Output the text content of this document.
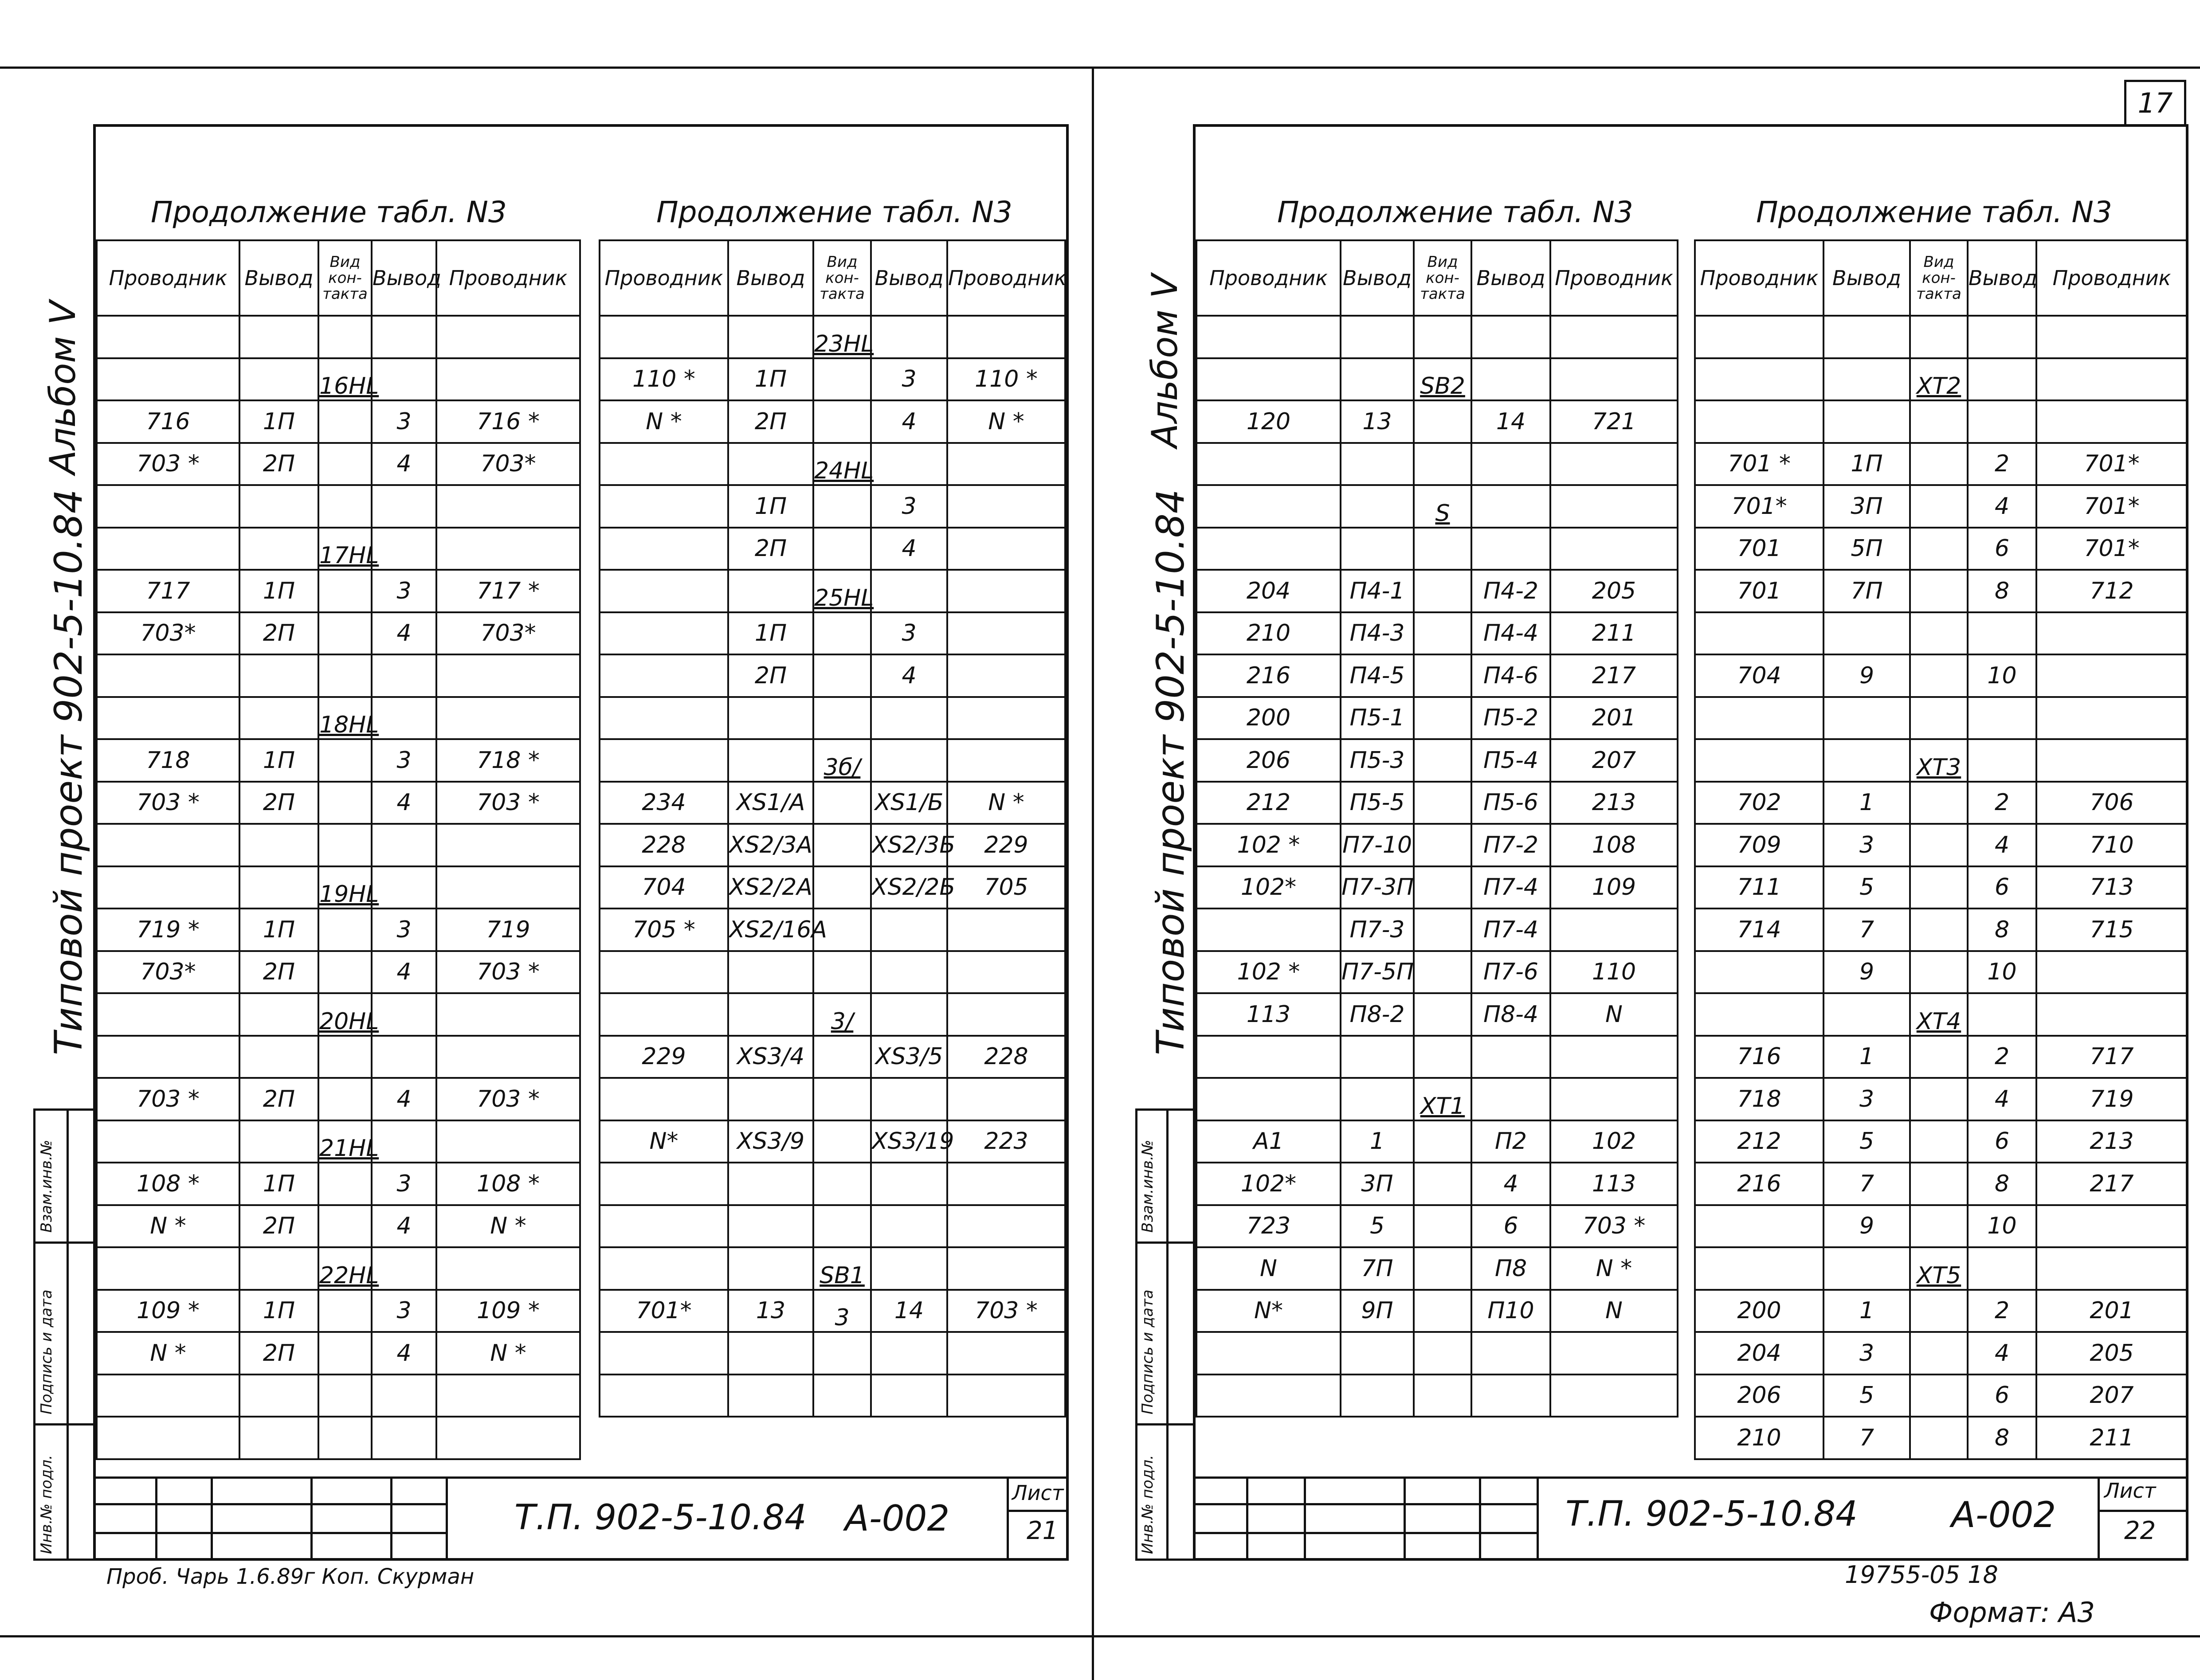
17
Альбом V
Типовой проект 902-5-10.84
Инв.№ подл.
Подпись и дата
Взам.инв.№
Продолжение табл. N3	Продолжение табл. N3
Проводник	Вывод	Вид кон- такта	Вывод	Проводник

		16HL		
716	1П		3	716 *
703 *	2П		4	703*

		17HL		
717	1П		3	717 *
703*	2П		4	703*

		18HL		
718	1П		3	718 *
703 *	2П		4	703 *

		19HL		
719 *	1П		3	719
703*	2П		4	703 *
		20HL		

703 *	2П		4	703 *
		21HL		
108 *	1П		3	108 *
N *	2П		4	N *
		22HL		
109 *	1П		3	109 *
N *	2П		4	N *

Проводник	Вывод	Вид кон- такта	Вывод	Проводник
		23HL		
110 *	1П		3	110 *
N *	2П		4	N *
		24HL		
	1П		3	
	2П		4	
		25HL		
	1П		3	
	2П		4	

		3б/		
234	XS1/А		XS1/Б	N *
228	XS2/3А		XS2/3Б	229
704	XS2/2А		XS2/2Б	705
705 *	XS2/16А			

		3/		
229	XS3/4		XS3/5	228

N*	XS3/9		XS3/19	223

		SB1		
701*	13	3	14	703 *

Т.П. 902-5-10.84 А-002
Лист
21
Проб. Чарь 1.6.89г Коп. Скурман
Альбом V
Типовой проект 902-5-10.84
Инв.№ подл.
Подпись и дата
Взам.инв.№
Продолжение табл. N3	Продолжение табл. N3
Проводник	Вывод	Вид кон- такта	Вывод	Проводник

		SB2		
120	13		14	721

		S		

204	П4-1		П4-2	205
210	П4-3		П4-4	211
216	П4-5		П4-6	217
200	П5-1		П5-2	201
206	П5-3		П5-4	207
212	П5-5		П5-6	213
102 *	П7-10		П7-2	108
102*	П7-3П		П7-4	109
	П7-3		П7-4	
102 *	П7-5П		П7-6	110
113	П8-2		П8-4	N

		XT1		
А1	1		П2	102
102*	3П		4	113
723	5		6	703 *
N	7П		П8	N *
N*	9П		П10	N

Проводник	Вывод	Вид кон- такта	Вывод	Проводник

		XT2		

701 *	1П		2	701*
701*	3П		4	701*
701	5П		6	701*
701	7П		8	712

704	9		10	

		XT3		
702	1		2	706
709	3		4	710
711	5		6	713
714	7		8	715
	9		10	
		XT4		
716	1		2	717
718	3		4	719
212	5		6	213
216	7		8	217
	9		10	
		XT5		
200	1		2	201
204	3		4	205
206	5		6	207
210	7		8	211
Т.П. 902-5-10.84	А-002
Лист
22
19755-05 18
Формат: А3
